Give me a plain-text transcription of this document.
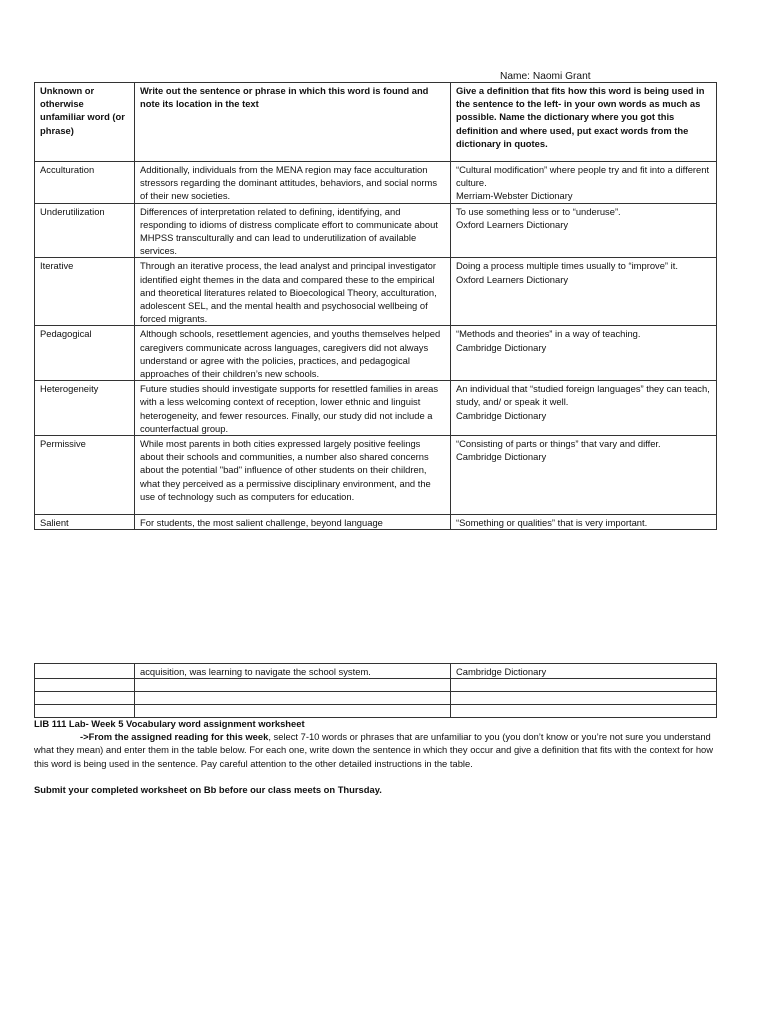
Name: Naomi Grant
Unknown or otherwise unfamiliar word (or phrase)	Write out the sentence or phrase in which this word is found and note its location in the text	Give a definition that fits how this word is being used in the sentence to the left- in your own words as much as possible. Name the dictionary where you got this definition and where used, put exact words from the dictionary in quotes.
Acculturation	Additionally, individuals from the MENA region may face acculturation stressors regarding the dominant attitudes, behaviors, and social norms of their new societies.	“Cultural modification” where people try and fit into a different culture.
Merriam-Webster Dictionary

Underutilization	Differences of interpretation related to defining, identifying, and responding to idioms of distress complicate effort to communicate about MHPSS transculturally and can lead to underutilization of available services.	To use something less or to “underuse”.
Oxford Learners Dictionary

Iterative	Through an iterative process, the lead analyst and principal investigator identified eight themes in the data and compared these to the empirical and theoretical literatures related to Bioecological Theory, acculturation, adolescent SEL, and the mental health and psychosocial wellbeing of forced migrants.	Doing a process multiple times usually to “improve” it.
Oxford Learners Dictionary

Pedagogical	Although schools, resettlement agencies, and youths themselves helped caregivers communicate across languages, caregivers did not always understand or agree with the policies, practices, and pedagogical approaches of their children’s new schools.	“Methods and theories” in a way of teaching.
Cambridge Dictionary

Heterogeneity	Future studies should investigate supports for resettled families in areas with a less welcoming context of reception, lower ethnic and linguist heterogeneity, and fewer resources. Finally, our study did not include a counterfactual group.	An individual that “studied foreign languages” they can teach, study, and/ or speak it well.
Cambridge Dictionary

Permissive	While most parents in both cities expressed largely positive feelings about their schools and communities, a number also shared concerns about the potential "bad" influence of other students on their children, what they perceived as a permissive disciplinary environment, and the use of technology such as computers for education.	“Consisting of parts or things” that vary and differ.
Cambridge Dictionary

Salient	For students, the most salient challenge, beyond language	“Something or qualities” that is very important.
	acquisition, was learning to navigate the school system.	Cambridge Dictionary

LIB 111 Lab- Week 5 Vocabulary word assignment worksheet

->From the assigned reading for this week, select 7-10 words or phrases that are unfamiliar to you (you don’t know or you’re not sure you understand what they mean) and enter them in the table below. For each one, write down the sentence in which they occur and give a definition that fits with the context for how this word is being used in the sentence. Pay careful attention to the other detailed instructions in the table.

Submit your completed worksheet on Bb before our class meets on Thursday.
